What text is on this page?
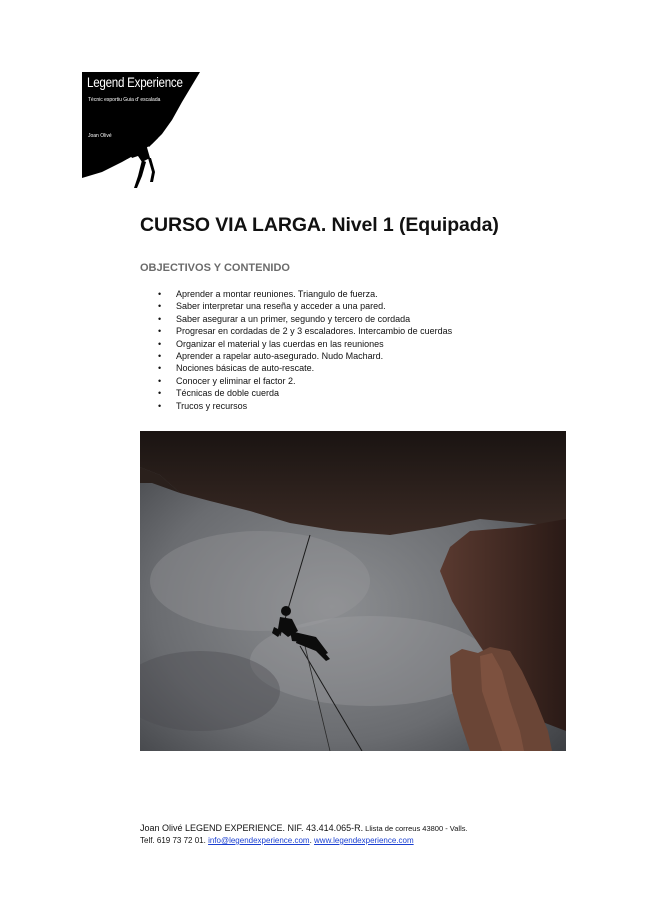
Legend Experience
Tècnic esportiu Guia d' escalada
Joan Olivé
CURSO VIA LARGA. Nivel 1 (Equipada)
OBJECTIVOS Y CONTENIDO
• Aprender a montar reuniones. Triangulo de fuerza.
• Saber interpretar una reseña y acceder a una pared.
• Saber asegurar a un primer, segundo y tercero de cordada
• Progresar en cordadas de 2 y 3 escaladores. Intercambio de cuerdas
• Organizar el material y las cuerdas en las reuniones
• Aprender a rapelar auto-asegurado. Nudo Machard.
• Nociones básicas de auto-rescate.
• Conocer y eliminar el factor 2.
• Técnicas de doble cuerda
• Trucos y recursos
Joan Olivé LEGEND EXPERIENCE. NIF. 43.414.065-R. Llista de correus 43800 - Valls.
Telf. 619 73 72 01. info@legendexperience.com. www.legendexperience.com
